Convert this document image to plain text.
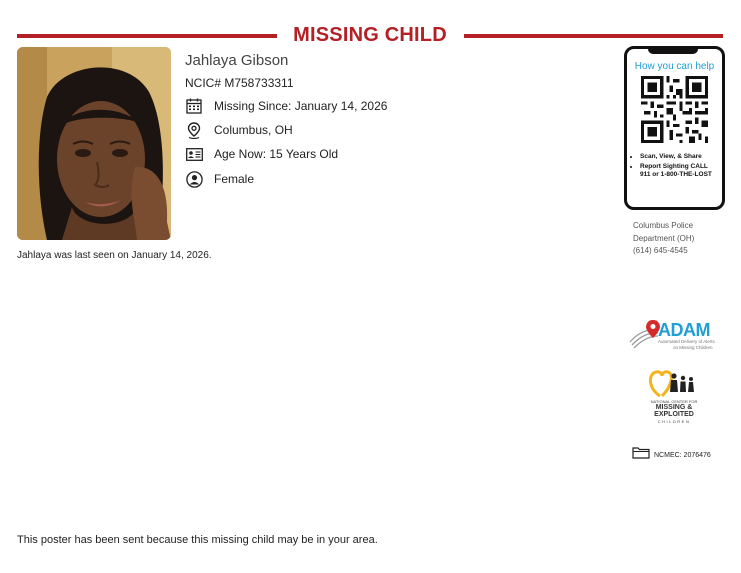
MISSING CHILD
Jahlaya Gibson
NCIC# M758733311
Missing Since: January 14, 2026
Columbus, OH
Age Now: 15 Years Old
Female
Jahlaya was last seen on January 14, 2026.
How you can help
• Scan, View, & Share
• Report Sighting CALL 911 or 1-800-THE-LOST
Columbus Police
Department (OH)
(614) 645-4545
ADAM
Automated Delivery of Alerts
on Missing Children
NATIONAL CENTER FOR
MISSING &
EXPLOITED
CHILDREN
NCMEC: 2076476
This poster has been sent because this missing child may be in your area.
